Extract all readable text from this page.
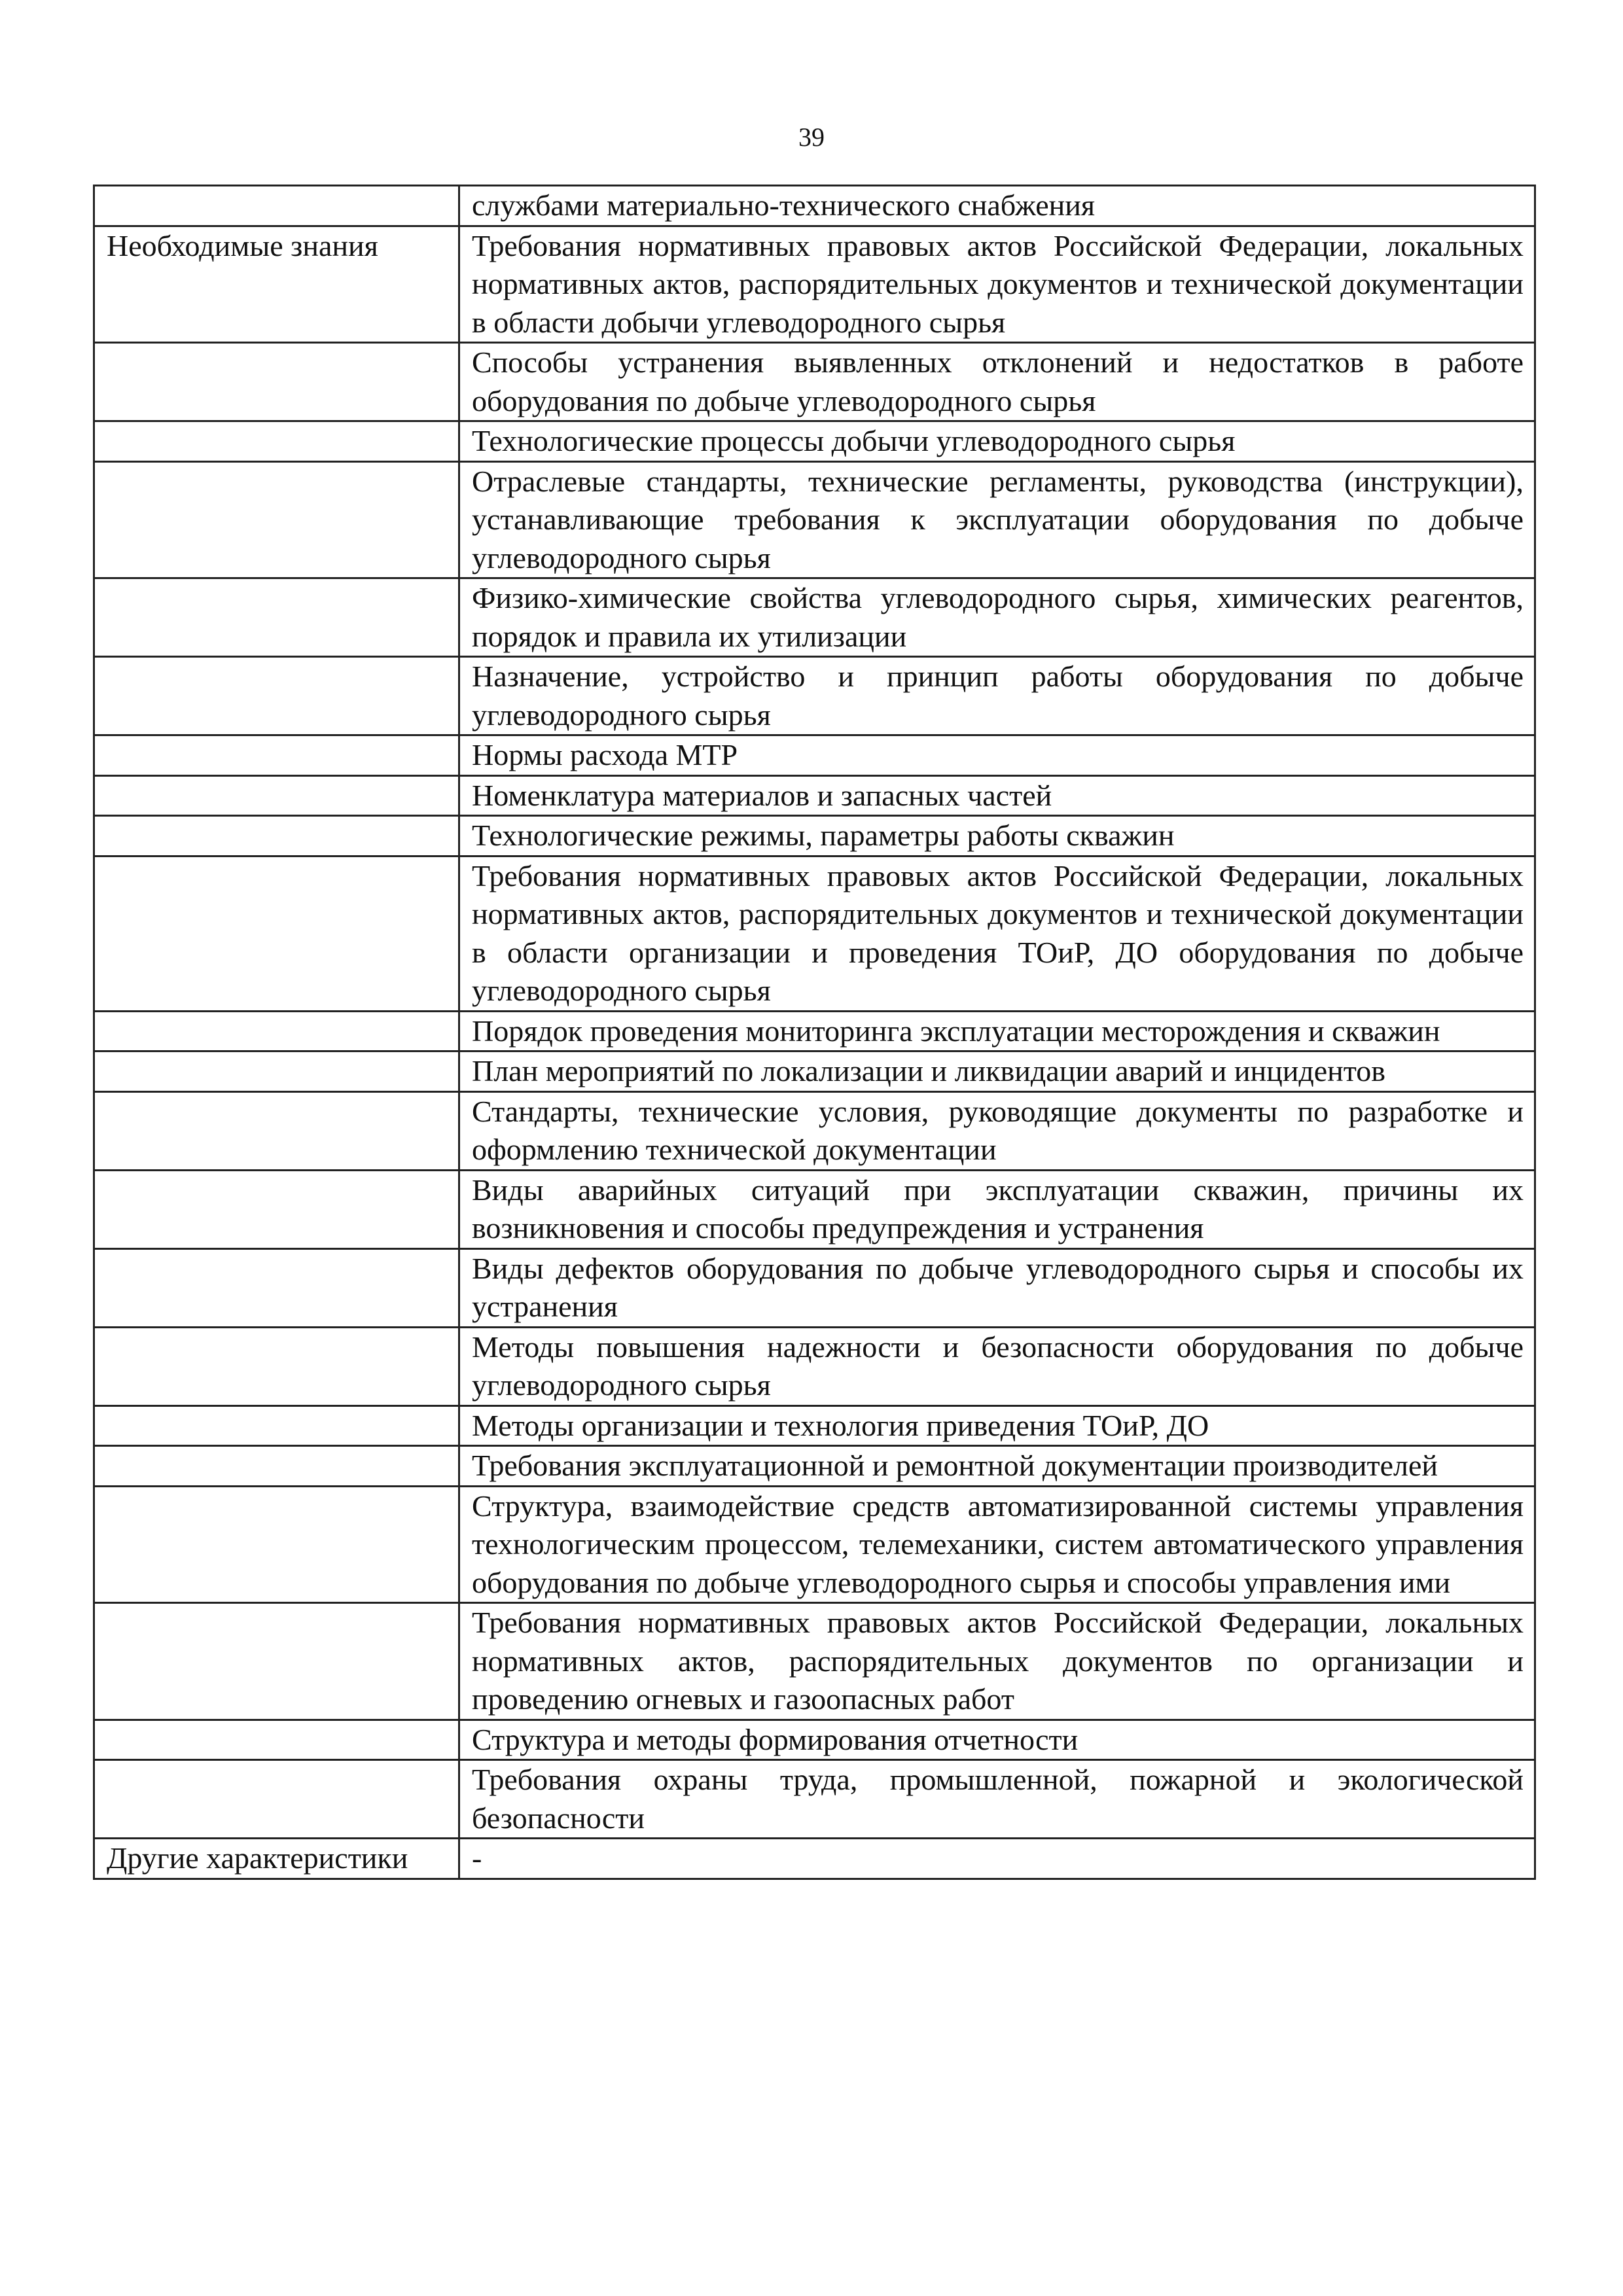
39
	службами материально-технического снабжения
Необходимые знания	Требования нормативных правовых актов Российской Федерации, локальных нормативных актов, распорядительных документов и технической документации в области добычи углеводородного сырья
	Способы устранения выявленных отклонений и недостатков в работе оборудования по добыче углеводородного сырья
	Технологические процессы добычи углеводородного сырья
	Отраслевые стандарты, технические регламенты, руководства (инструкции), устанавливающие требования к эксплуатации оборудования по добыче углеводородного сырья
	Физико-химические свойства углеводородного сырья, химических реагентов, порядок и правила их утилизации
	Назначение, устройство и принцип работы оборудования по добыче углеводородного сырья
	Нормы расхода МТР
	Номенклатура материалов и запасных частей
	Технологические режимы, параметры работы скважин
	Требования нормативных правовых актов Российской Федерации, локальных нормативных актов, распорядительных документов и технической документации в области организации и проведения ТОиР, ДО оборудования по добыче углеводородного сырья
	Порядок проведения мониторинга эксплуатации месторождения и скважин
	План мероприятий по локализации и ликвидации аварий и инцидентов
	Стандарты, технические условия, руководящие документы по разработке и оформлению технической документации
	Виды аварийных ситуаций при эксплуатации скважин, причины их возникновения и способы предупреждения и устранения
	Виды дефектов оборудования по добыче углеводородного сырья и способы их устранения
	Методы повышения надежности и безопасности оборудования по добыче углеводородного сырья
	Методы организации и технология приведения ТОиР, ДО
	Требования эксплуатационной и ремонтной документации производителей
	Структура, взаимодействие средств автоматизированной системы управления технологическим процессом, телемеханики, систем автоматического управления оборудования по добыче углеводородного сырья и способы управления ими
	Требования нормативных правовых актов Российской Федерации, локальных нормативных актов, распорядительных документов по организации и проведению огневых и газоопасных работ
	Структура и методы формирования отчетности
	Требования охраны труда, промышленной, пожарной и экологической безопасности
Другие характеристики	-
